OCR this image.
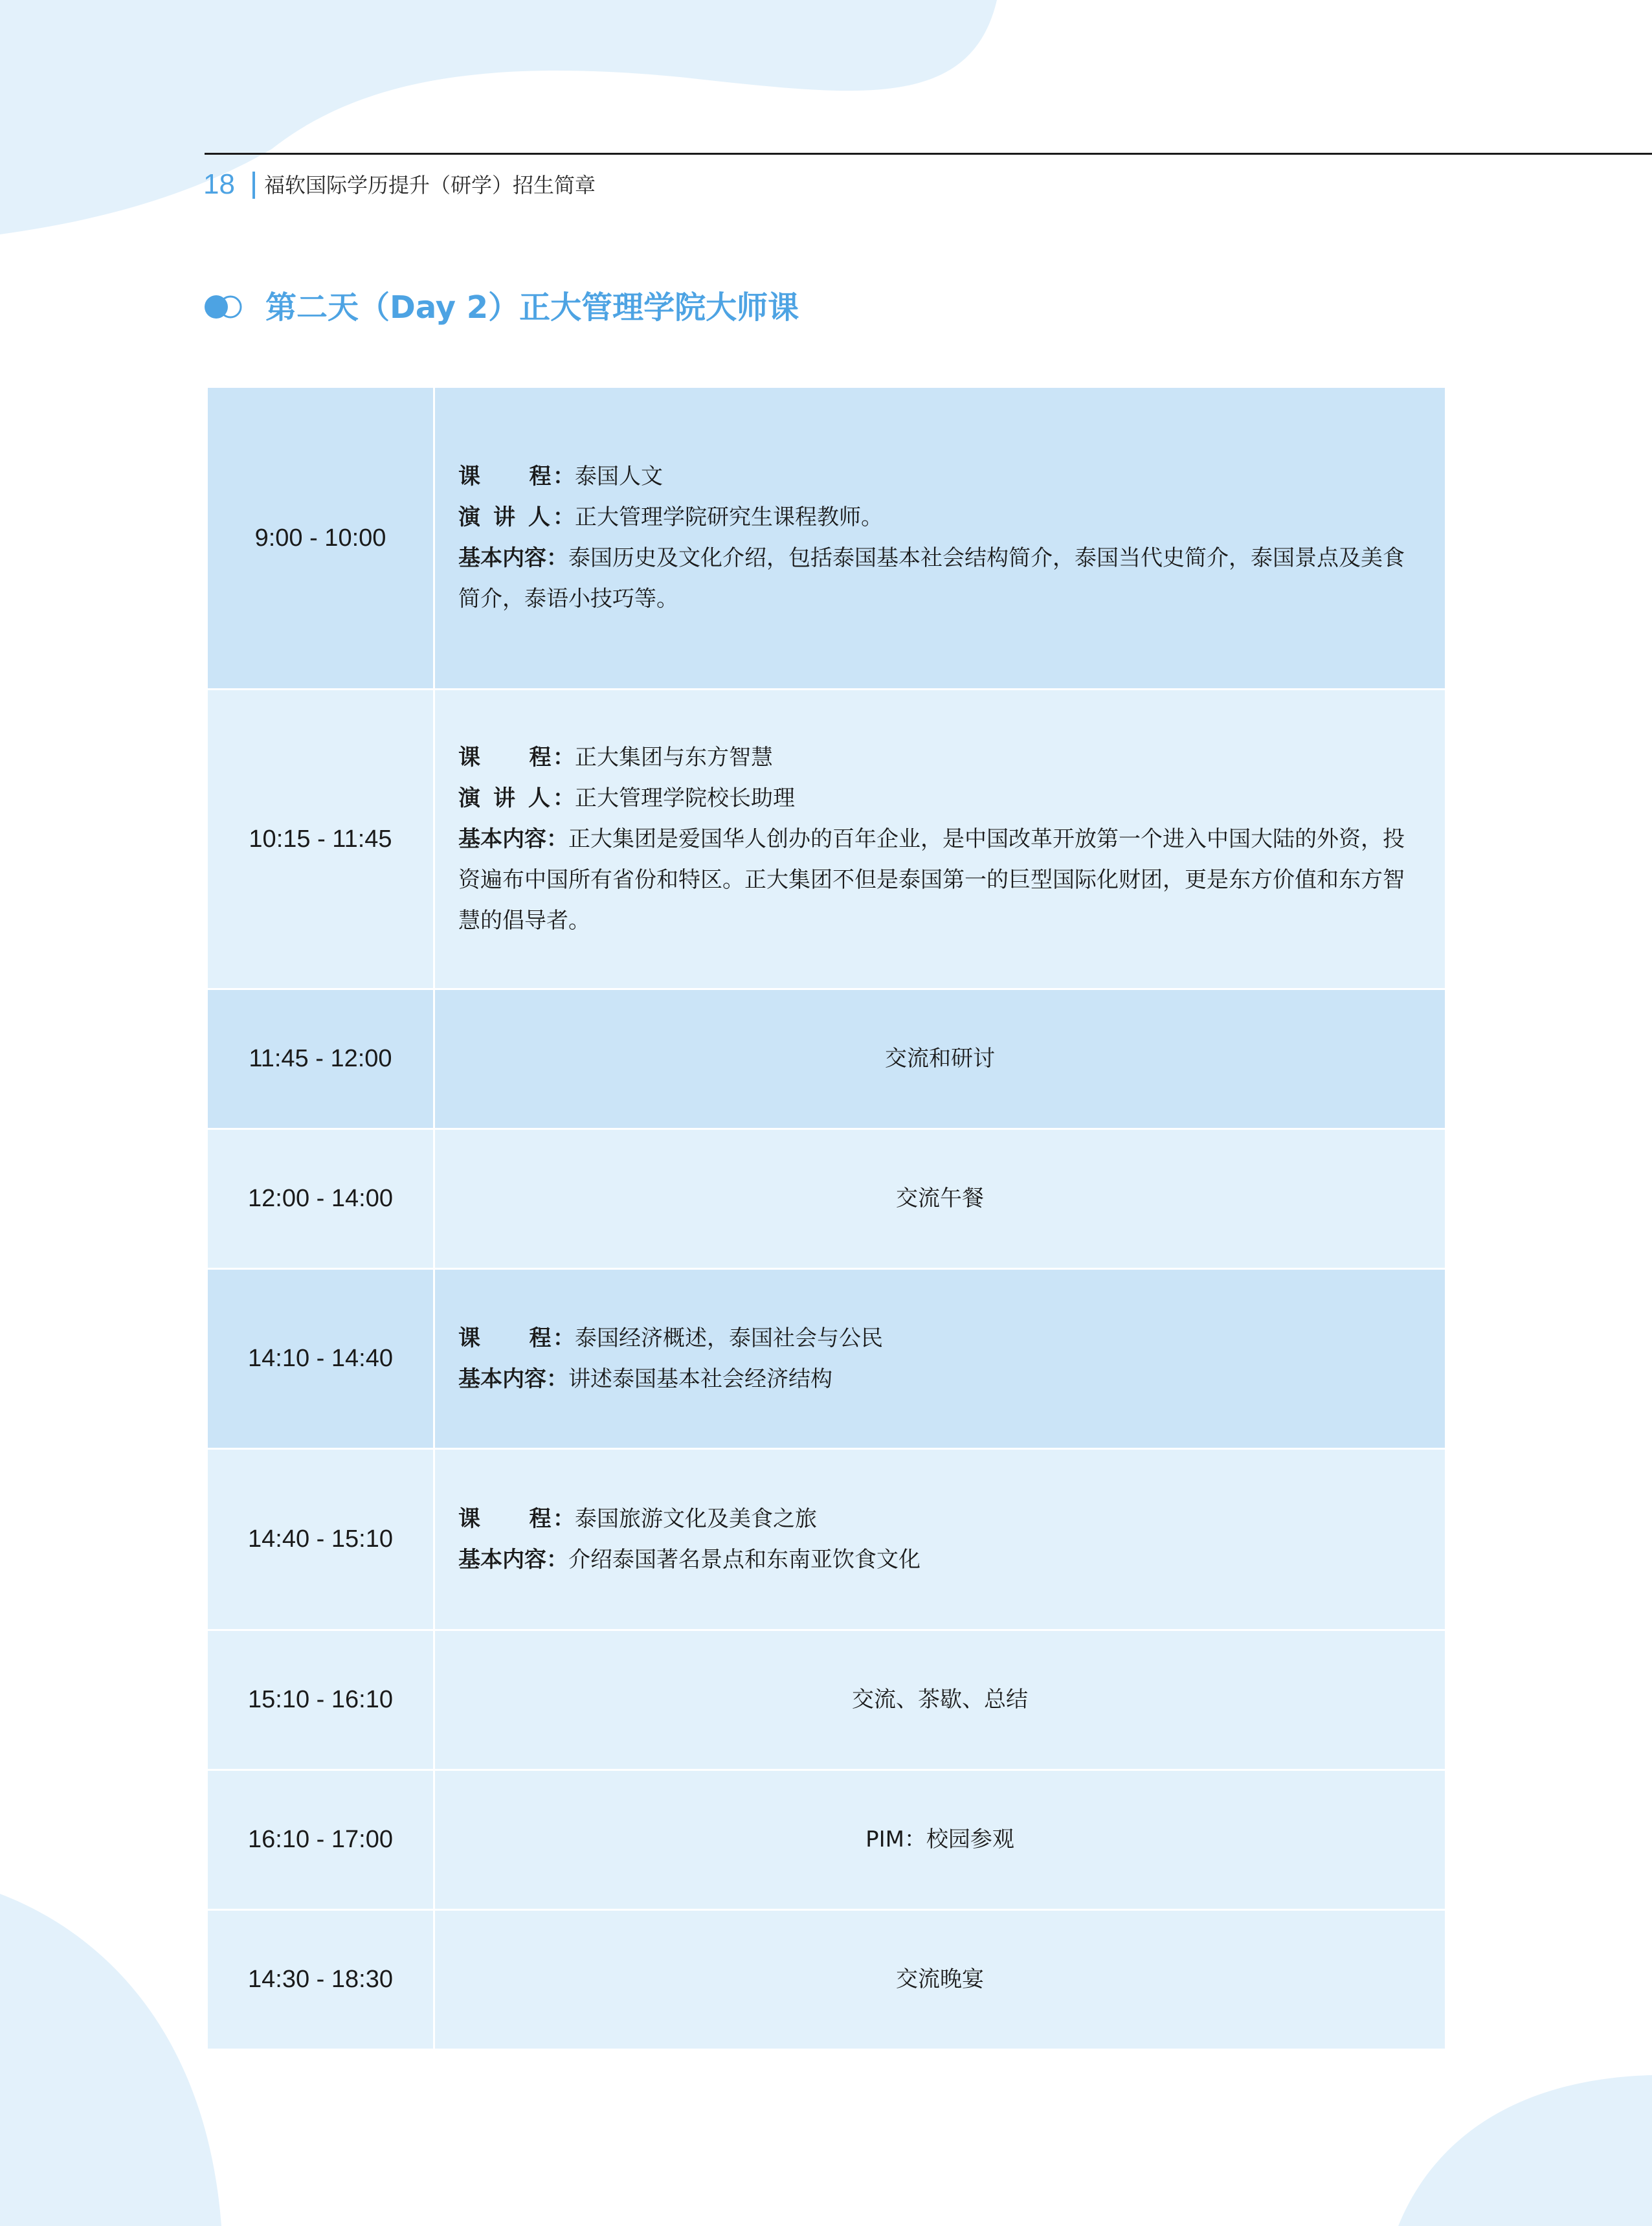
18 福软国际学历提升（研学）招生简章
第二天（Day 2）正大管理学院大师课
9:00 - 10:00	课　　程：泰国人文
演 讲 人：正大管理学院研究生课程教师。
基本内容：泰国历史及文化介绍，包括泰国基本社会结构简介，泰国当代史简介，泰国景点及美食简介，泰语小技巧等。

10:15 - 11:45	课　　程：正大集团与东方智慧
演 讲 人：正大管理学院校长助理
基本内容：正大集团是爱国华人创办的百年企业，是中国改革开放第一个进入中国大陆的外资，投资遍布中国所有省份和特区。正大集团不但是泰国第一的巨型国际化财团，更是东方价值和东方智慧的倡导者。

11:45 - 12:00	交流和研讨
12:00 - 14:00	交流午餐
14:10 - 14:40	课　　程：泰国经济概述，泰国社会与公民
基本内容：讲述泰国基本社会经济结构

14:40 - 15:10	课　　程：泰国旅游文化及美食之旅
基本内容：介绍泰国著名景点和东南亚饮食文化

15:10 - 16:10	交流、茶歇、总结
16:10 - 17:00	PIM：校园参观
14:30 - 18:30	交流晚宴
